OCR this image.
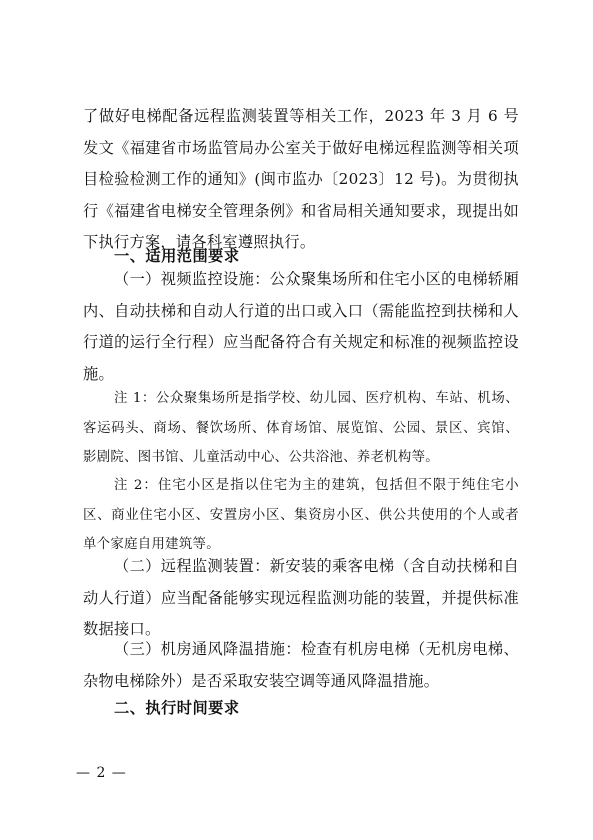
了做好电梯配备远程监测装置等相关工作，2023 年 3 月 6 号发文《福建省市场监管局办公室关于做好电梯远程监测等相关项目检验检测工作的通知》(闽市监办〔2023〕12 号)。为贯彻执行《福建省电梯安全管理条例》和省局相关通知要求，现提出如下执行方案，请各科室遵照执行。

一、适用范围要求

（一）视频监控设施：公众聚集场所和住宅小区的电梯轿厢内、自动扶梯和自动人行道的出口或入口（需能监控到扶梯和人行道的运行全行程）应当配备符合有关规定和标准的视频监控设施。

注 1：公众聚集场所是指学校、幼儿园、医疗机构、车站、机场、客运码头、商场、餐饮场所、体育场馆、展览馆、公园、景区、宾馆、影剧院、图书馆、儿童活动中心、公共浴池、养老机构等。

注 2：住宅小区是指以住宅为主的建筑，包括但不限于纯住宅小区、商业住宅小区、安置房小区、集资房小区、供公共使用的个人或者单个家庭自用建筑等。

（二）远程监测装置：新安装的乘客电梯（含自动扶梯和自动人行道）应当配备能够实现远程监测功能的装置，并提供标准数据接口。

（三）机房通风降温措施：检查有机房电梯（无机房电梯、杂物电梯除外）是否采取安装空调等通风降温措施。

二、执行时间要求
— 2 —
